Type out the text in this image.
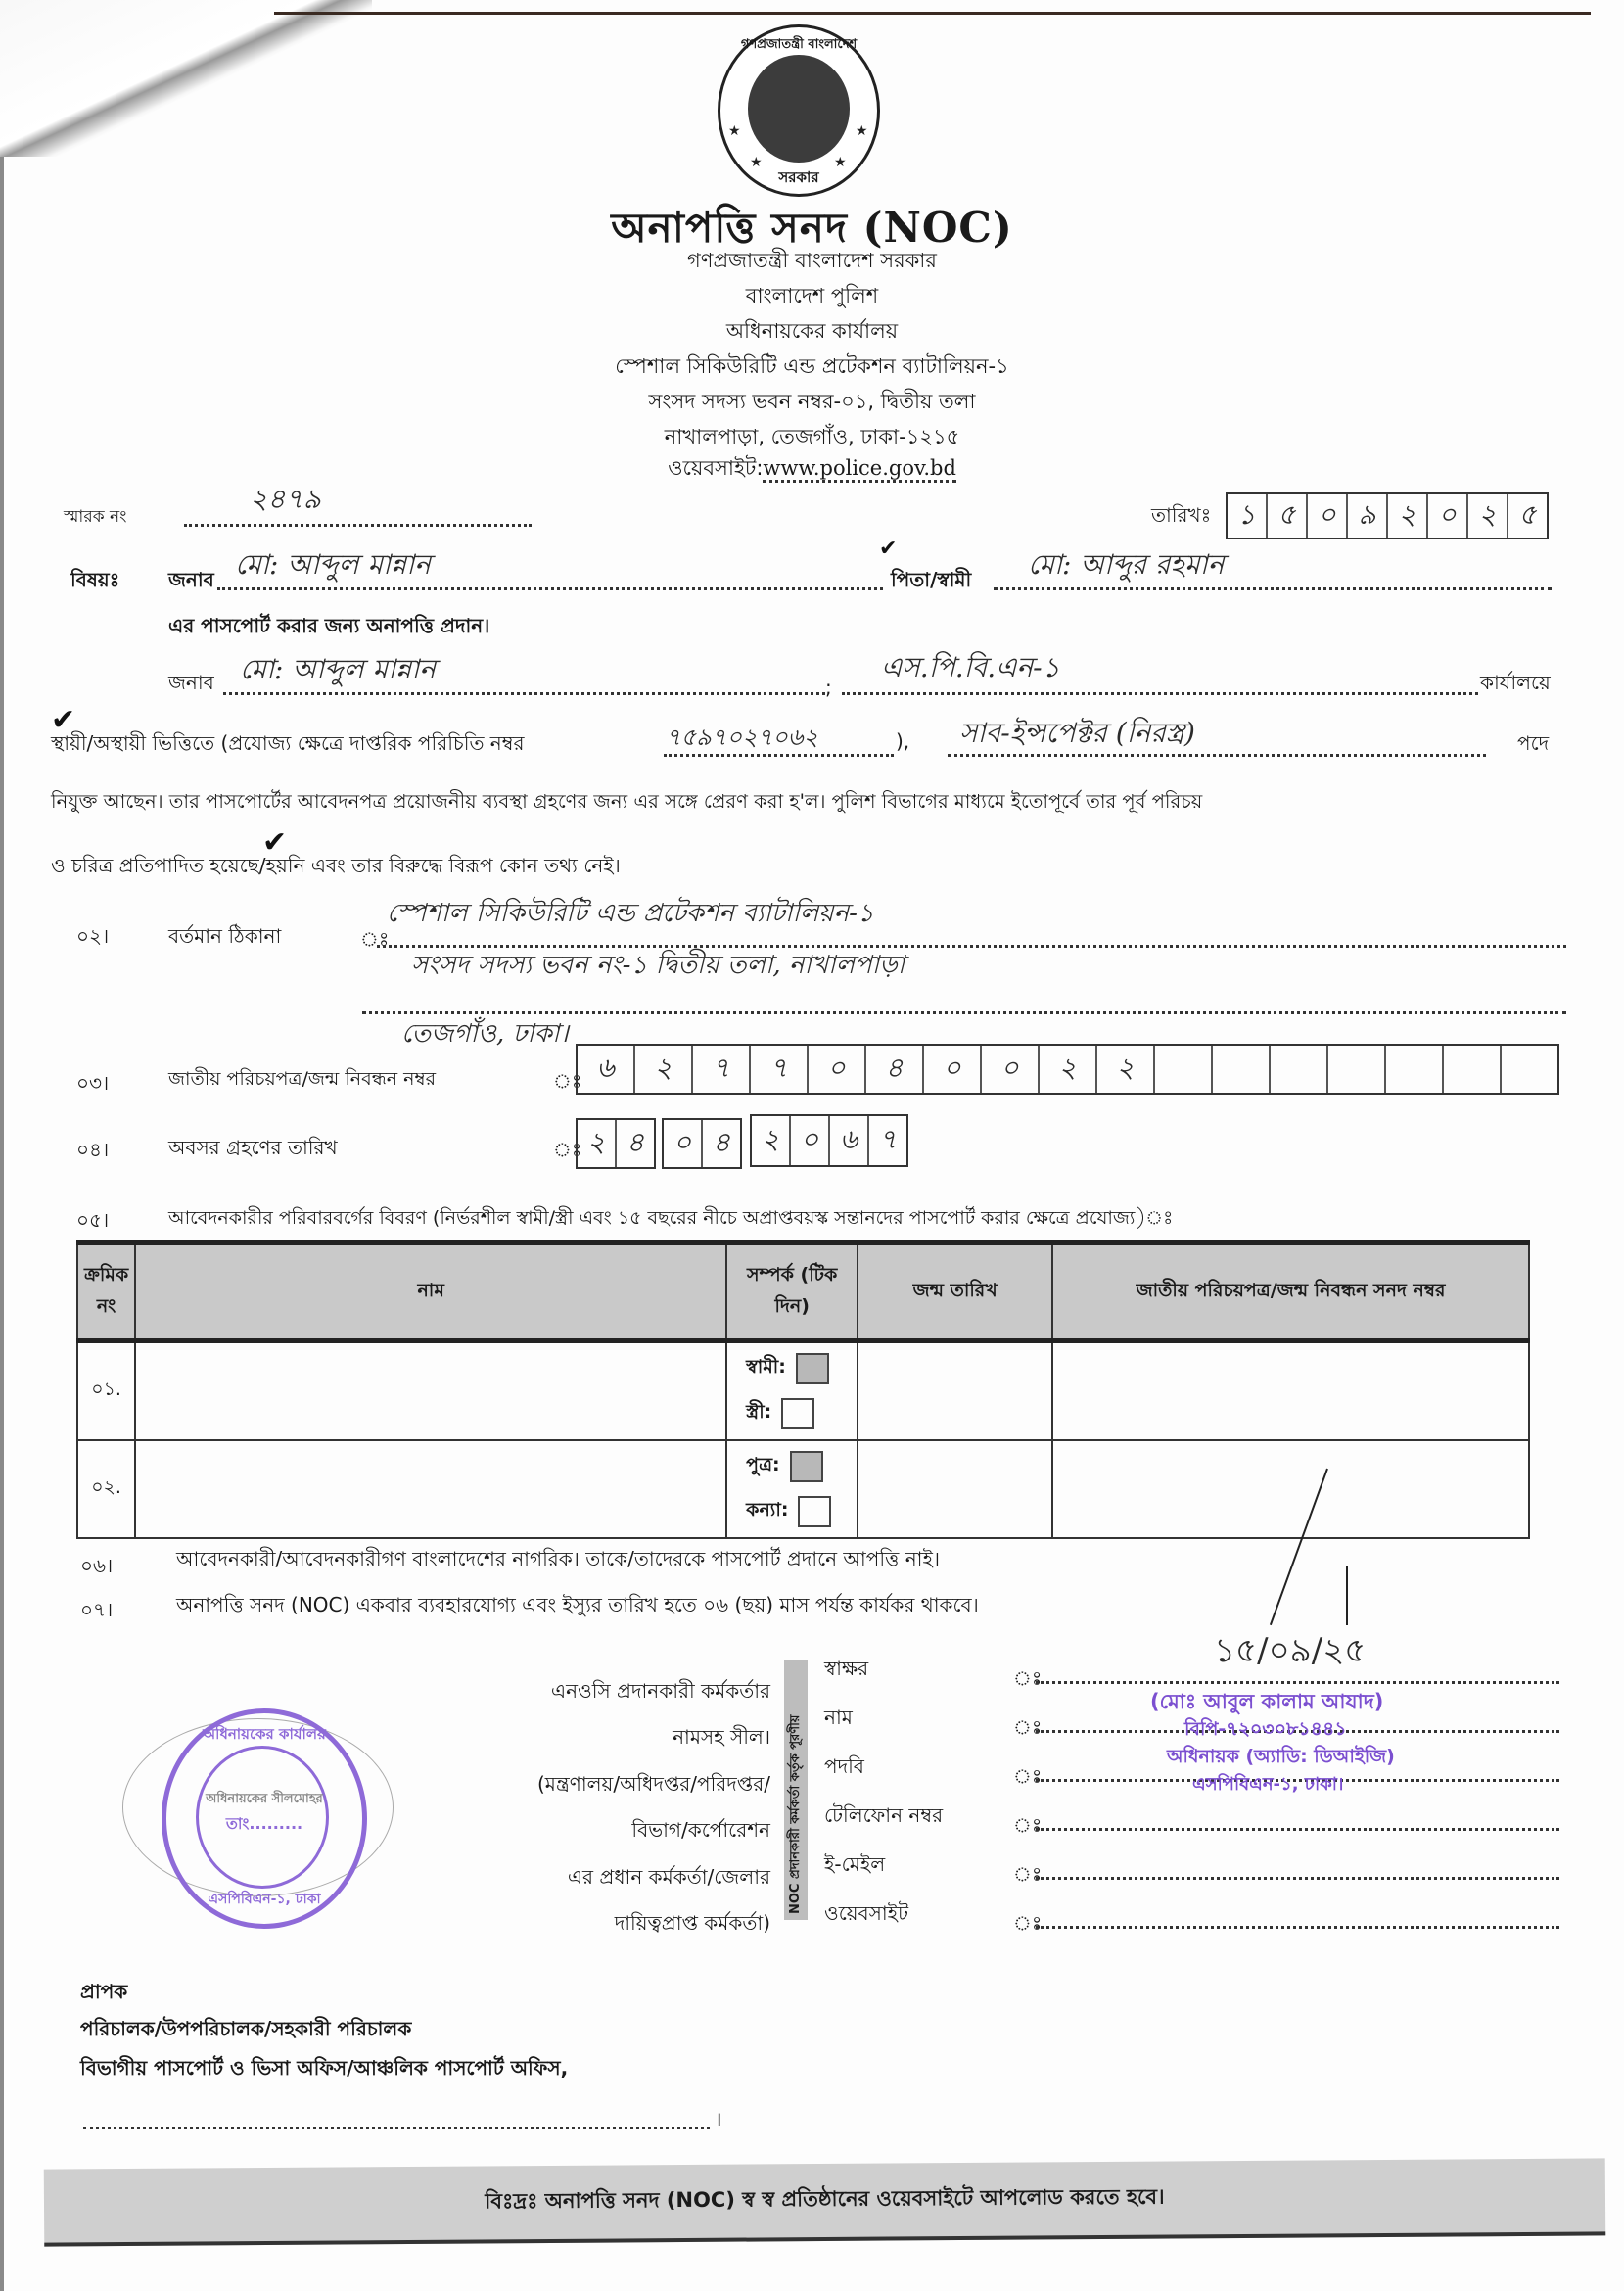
গণপ্রজাতন্ত্রী বাংলাদেশ
★	★
★	★
সরকার
অনাপত্তি সনদ (NOC)
গণপ্রজাতন্ত্রী বাংলাদেশ সরকার
বাংলাদেশ পুলিশ
অধিনায়কের কার্যালয়
স্পেশাল সিকিউরিটি এন্ড প্রটেকশন ব্যাটালিয়ন-১
সংসদ সদস্য ভবন নম্বর-০১, দ্বিতীয় তলা
নাখালপাড়া, তেজগাঁও, ঢাকা-১২১৫
ওয়েবসাইট:www.police.gov.bd
স্মারক নং
২৪৭৯	তারিখঃ ১ ৫ ০ ৯ ২ ০ ২ ৫
বিষয়ঃ জনাব মো: আব্দুল মান্নান	পিতা/স্বামী মো: আব্দুর রহমান
✔
এর পাসপোর্ট করার জন্য অনাপত্তি প্রদান।
জনাব মো: আব্দুল মান্নান
;
এস.পি.বি.এন-১	কার্যালয়ে
✔
স্থায়ী/অস্থায়ী ভিত্তিতে (প্রযোজ্য ক্ষেত্রে দাপ্তরিক পরিচিতি নম্বর	৭৫৯৭০২৭০৬২	), সাব-ইন্সপেক্টর (নিরস্ত্র)	পদে
নিযুক্ত আছেন। তার পাসপোর্টের আবেদনপত্র প্রয়োজনীয় ব্যবস্থা গ্রহণের জন্য এর সঙ্গে প্রেরণ করা হ'ল। পুলিশ বিভাগের মাধ্যমে ইতোপূর্বে তার পূর্ব পরিচয়
✔
ও চরিত্র প্রতিপাদিত হয়েছে/হয়নি এবং তার বিরুদ্ধে বিরূপ কোন তথ্য নেই।
০২।	বর্তমান ঠিকানা	ঃ
স্পেশাল সিকিউরিটি এন্ড প্রটেকশন ব্যাটালিয়ন-১
সংসদ সদস্য ভবন নং-১ দ্বিতীয় তলা, নাখালপাড়া
তেজগাঁও, ঢাকা।
০৩।	জাতীয় পরিচয়পত্র/জন্ম নিবন্ধন নম্বর	ঃ ৬	২	৭	৭	০	৪	০	০	২	২
০৪।	অবসর গ্রহণের তারিখ	ঃ ২ ৪	০ ৪	২ ০ ৬ ৭
০৫।	আবেদনকারীর পরিবারবর্গের বিবরণ (নির্ভরশীল স্বামী/স্ত্রী এবং ১৫ বছরের নীচে অপ্রাপ্তবয়স্ক সন্তানদের পাসপোর্ট করার ক্ষেত্রে প্রযোজ্য)ঃ
ক্রমিক নং	নাম	সম্পর্ক (টিক দিন)	জন্ম তারিখ	জাতীয় পরিচয়পত্র/জন্ম নিবন্ধন সনদ নম্বর
০১.		স্বামী:
স্ত্রী:		

০২.		পুত্র:
কন্যা:		

০৬।	আবেদনকারী/আবেদনকারীগণ বাংলাদেশের নাগরিক। তাকে/তাদেরকে পাসপোর্ট প্রদানে আপত্তি নাই।
০৭।	অনাপত্তি সনদ (NOC) একবার ব্যবহারযোগ্য এবং ইস্যুর তারিখ হতে ০৬ (ছয়) মাস পর্যন্ত কার্যকর থাকবে।
অধিনায়কের কার্যালয়
অধিনায়কের সীলমোহর
তাং.........
এসপিবিএন-১, ঢাকা
এনওসি প্রদানকারী কর্মকর্তার
নামসহ সীল।
(মন্ত্রণালয়/অধিদপ্তর/পরিদপ্তর/
বিভাগ/কর্পোরেশন
এর প্রধান কর্মকর্তা/জেলার
দায়িত্বপ্রাপ্ত কর্মকর্তা)
NOC প্রদানকারী কর্মকর্তা কর্তৃক পূরণীয়
স্বাক্ষর
নাম
পদবি
টেলিফোন নম্বর
ই-মেইল
ওয়েবসাইট
ঃ
ঃ
ঃ
ঃ
ঃ
ঃ
১৫/০৯/২৫
(মোঃ আবুল কালাম আযাদ)
বিপি-৭২০৩০৮১৪৪১
অধিনায়ক (অ্যাডি: ডিআইজি)
এসপিবিএন-১, ঢাকা।
প্রাপক
পরিচালক/উপপরিচালক/সহকারী পরিচালক
বিভাগীয় পাসপোর্ট ও ভিসা অফিস/আঞ্চলিক পাসপোর্ট অফিস,
।
বিঃদ্রঃ অনাপত্তি সনদ (NOC) স্ব স্ব প্রতিষ্ঠানের ওয়েবসাইটে আপলোড করতে হবে।
